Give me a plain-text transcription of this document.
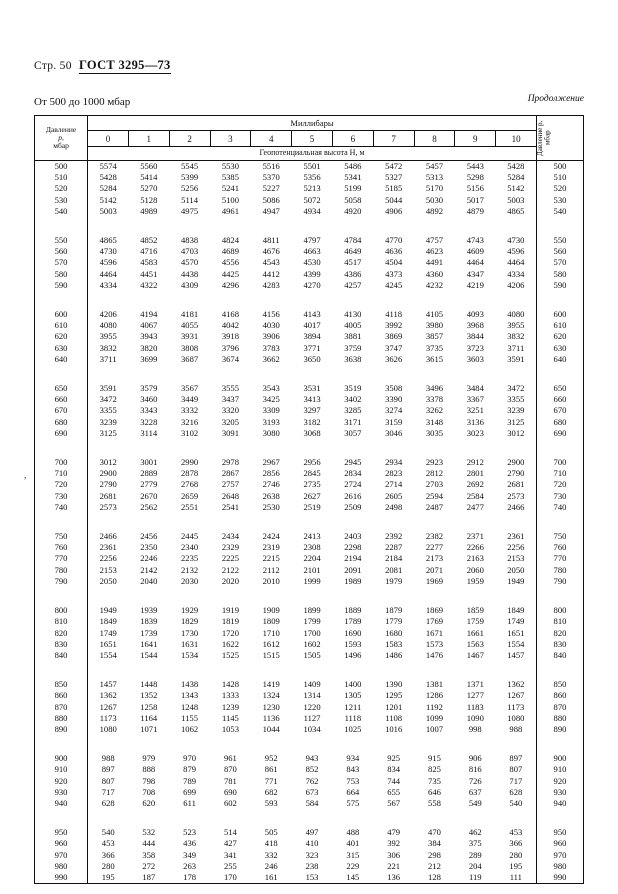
Стр. 50 ГОСТ 3295—73
От 500 до 1000 мбар	Продолжение
Давление
p,
мбар	Миллибары											Давление p, мбар

	0	1	2	3	4	5	6	7	8	9	10	
	Геопотенциальная высота H, м											
500	5574	5560	5545	5530	5516	5501	5486	5472	5457	5443	5428	500
510	5428	5414	5399	5385	5370	5356	5341	5327	5313	5298	5284	510
520	5284	5270	5256	5241	5227	5213	5199	5185	5170	5156	5142	520
530	5142	5128	5114	5100	5086	5072	5058	5044	5030	5017	5003	530
540	5003	4989	4975	4961	4947	4934	4920	4906	4892	4879	4865	540

550	4865	4852	4838	4824	4811	4797	4784	4770	4757	4743	4730	550
560	4730	4716	4703	4689	4676	4663	4649	4636	4623	4609	4596	560
570	4596	4583	4570	4556	4543	4530	4517	4504	4491	4464	4464	570
580	4464	4451	4438	4425	4412	4399	4386	4373	4360	4347	4334	580
590	4334	4322	4309	4296	4283	4270	4257	4245	4232	4219	4206	590

600	4206	4194	4181	4168	4156	4143	4130	4118	4105	4093	4080	600
610	4080	4067	4055	4042	4030	4017	4005	3992	3980	3968	3955	610
620	3955	3943	3931	3918	3906	3894	3881	3869	3857	3844	3832	620
630	3832	3820	3808	3796	3783	3771	3759	3747	3735	3723	3711	630
640	3711	3699	3687	3674	3662	3650	3638	3626	3615	3603	3591	640

650	3591	3579	3567	3555	3543	3531	3519	3508	3496	3484	3472	650
660	3472	3460	3449	3437	3425	3413	3402	3390	3378	3367	3355	660
670	3355	3343	3332	3320	3309	3297	3285	3274	3262	3251	3239	670
680	3239	3228	3216	3205	3193	3182	3171	3159	3148	3136	3125	680
690	3125	3114	3102	3091	3080	3068	3057	3046	3035	3023	3012	690

700	3012	3001	2990	2978	2967	2956	2945	2934	2923	2912	2900	700
710	2900	2889	2878	2867	2856	2845	2834	2823	2812	2801	2790	710
720	2790	2779	2768	2757	2746	2735	2724	2714	2703	2692	2681	720
730	2681	2670	2659	2648	2638	2627	2616	2605	2594	2584	2573	730
740	2573	2562	2551	2541	2530	2519	2509	2498	2487	2477	2466	740

750	2466	2456	2445	2434	2424	2413	2403	2392	2382	2371	2361	750
760	2361	2350	2340	2329	2319	2308	2298	2287	2277	2266	2256	760
770	2256	2246	2235	2225	2215	2204	2194	2184	2173	2163	2153	770
780	2153	2142	2132	2122	2112	2101	2091	2081	2071	2060	2050	780
790	2050	2040	2030	2020	2010	1999	1989	1979	1969	1959	1949	790

800	1949	1939	1929	1919	1909	1899	1889	1879	1869	1859	1849	800
810	1849	1839	1829	1819	1809	1799	1789	1779	1769	1759	1749	810
820	1749	1739	1730	1720	1710	1700	1690	1680	1671	1661	1651	820
830	1651	1641	1631	1622	1612	1602	1593	1583	1573	1563	1554	830
840	1554	1544	1534	1525	1515	1505	1496	1486	1476	1467	1457	840

850	1457	1448	1438	1428	1419	1409	1400	1390	1381	1371	1362	850
860	1362	1352	1343	1333	1324	1314	1305	1295	1286	1277	1267	860
870	1267	1258	1248	1239	1230	1220	1211	1201	1192	1183	1173	870
880	1173	1164	1155	1145	1136	1127	1118	1108	1099	1090	1080	880
890	1080	1071	1062	1053	1044	1034	1025	1016	1007	998	988	890

900	988	979	970	961	952	943	934	925	915	906	897	900
910	897	888	879	870	861	852	843	834	825	816	807	910
920	807	798	789	781	771	762	753	744	735	726	717	920
930	717	708	699	690	682	673	664	655	646	637	628	930
940	628	620	611	602	593	584	575	567	558	549	540	940

950	540	532	523	514	505	497	488	479	470	462	453	950
960	453	444	436	427	418	410	401	392	384	375	366	960
970	366	358	349	341	332	323	315	306	298	289	280	970
980	280	272	263	255	246	238	229	221	212	204	195	980
990	195	187	178	170	161	153	145	136	128	119	111	990

,
